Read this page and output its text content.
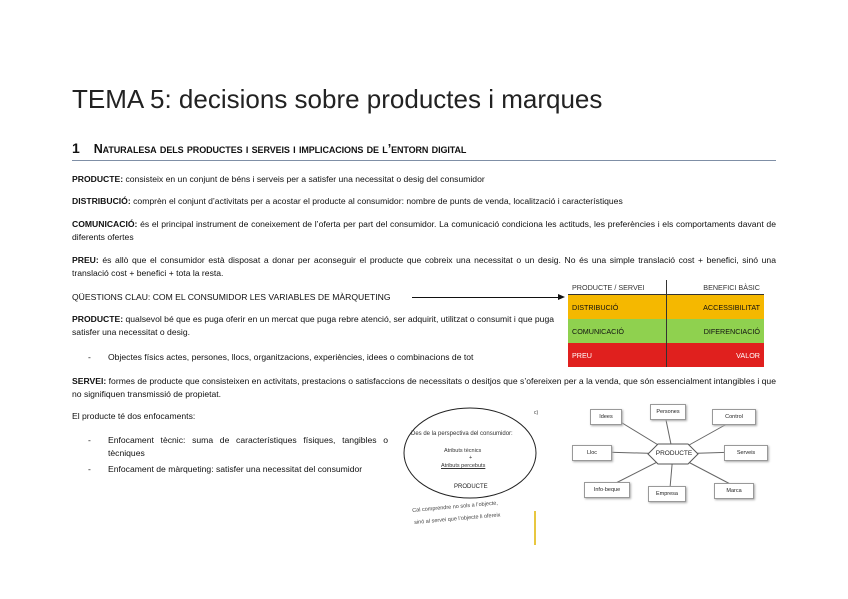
TEMA 5: decisions sobre productes i marques
1 Naturalesa dels productes i serveis i implicacions de l’entorn digital
PRODUCTE: consisteix en un conjunt de béns i serveis per a satisfer una necessitat o desig del consumidor
DISTRIBUCIÓ: comprèn el conjunt d’activitats per a acostar el producte al consumidor: nombre de punts de venda, localització i característiques
COMUNICACIÓ: és el principal instrument de coneixement de l’oferta per part del consumidor. La comunicació condiciona les actituds, les preferències i els comportaments davant de diferents ofertes
PREU: és allò que el consumidor està disposat a donar per aconseguir el producte que cobreix una necessitat o un desig. No és una simple translació cost + benefici, sinó una translació cost + benefici + tota la resta.
QÜESTIONS CLAU: COM EL CONSUMIDOR LES VARIABLES DE MÀRQUETING
PRODUCTE: qualsevol bé que es puga oferir en un mercat que puga rebre atenció, ser adquirit, utilitzat o consumit i que puga satisfer una necessitat o desig.
- Objectes físics actes, persones, llocs, organitzacions, experiències, idees o combinacions de tot
PRODUCTE / SERVEI	BENEFICI BÀSIC
DISTRIBUCIÓ	ACCESSIBILITAT
COMUNICACIÓ	DIFERENCIACIÓ
PREU	VALOR
SERVEI: formes de producte que consisteixen en activitats, prestacions o satisfaccions de necessitats o desitjos que s’ofereixen per a la venda, que són essencialment intangibles i que no signifiquen transmissió de propietat.
El producte té dos enfocaments:
- Enfocament tècnic: suma de característiques físiques, tangibles o tècniques
- Enfocament de màrqueting: satisfer una necessitat del consumidor
Des de la perspectiva del consumidor:
Atributs tècnics
+
Atributs percebuts
PRODUCTE
c)
Cal comprendre no sols a l’objecte,
sinó al servei que l’objecte li ofereix
PRODUCTE
Idees
Persones
Control
Serveis
Marca
Empresa
Info·beque
Lloc
